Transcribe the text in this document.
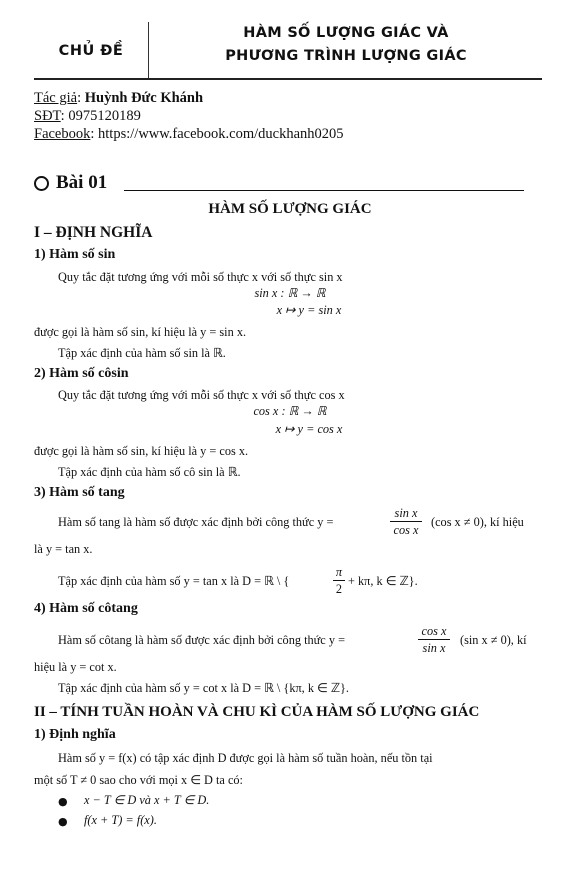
CHỦ ĐỀ
HÀM SỐ LƯỢNG GIÁC VÀ
PHƯƠNG TRÌNH LƯỢNG GIÁC
Tác giả: Huỳnh Đức Khánh
SĐT: 0975120189
Facebook: https://www.facebook.com/duckhanh0205
Bài 01
HÀM SỐ LƯỢNG GIÁC
I – ĐỊNH NGHĨA
1) Hàm số sin
Quy tắc đặt tương ứng với mỗi số thực x với số thực sin x
sin x : ℝ → ℝ
x ↦ y = sin x
được gọi là hàm số sin, kí hiệu là y = sin x.
Tập xác định của hàm số sin là ℝ.
2) Hàm số côsin
Quy tắc đặt tương ứng với mỗi số thực x với số thực cos x
cos x : ℝ → ℝ
x ↦ y = cos x
được gọi là hàm số sin, kí hiệu là y = cos x.
Tập xác định của hàm số cô sin là ℝ.
3) Hàm số tang
Hàm số tang là hàm số được xác định bởi công thức y =
sin x
cos x
(cos x ≠ 0), kí hiệu
là y = tan x.
Tập xác định của hàm số y = tan x là D = ℝ \ {
π
2
+ kπ, k ∈ ℤ}.
4) Hàm số côtang
Hàm số côtang là hàm số được xác định bởi công thức y =
cos x
sin x
(sin x ≠ 0), kí
hiệu là y = cot x.
Tập xác định của hàm số y = cot x là D = ℝ \ {kπ, k ∈ ℤ}.
II – TÍNH TUẦN HOÀN VÀ CHU KÌ CỦA HÀM SỐ LƯỢNG GIÁC
1) Định nghĩa
Hàm số y = f(x) có tập xác định D được gọi là hàm số tuần hoàn, nếu tồn tại
một số T ≠ 0 sao cho với mọi x ∈ D ta có:
● x − T ∈ D và x + T ∈ D.
● f(x + T) = f(x).
